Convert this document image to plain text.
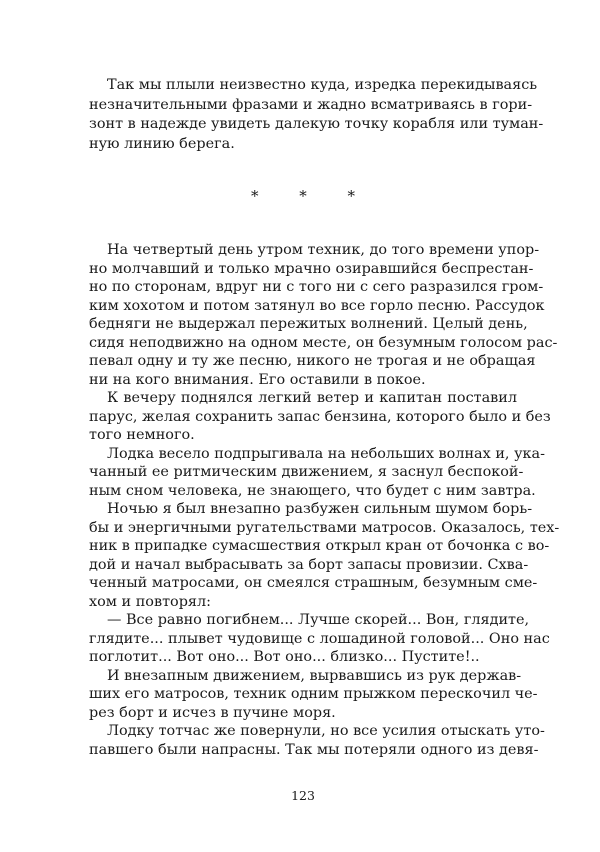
Так мы плыли неизвестно куда, изредка перекидываясь
незначительными фразами и жадно всматриваясь в гори-
зонт в надежде увидеть далекую точку корабля или туман-
ную линию берега.
* * *
На четвертый день утром техник, до того времени упор-
но молчавший и только мрачно озиравшийся беспрестан-
но по сторонам, вдруг ни с того ни с сего разразился гром-
ким хохотом и потом затянул во все горло песню. Рассудок
бедняги не выдержал пережитых волнений. Целый день,
сидя неподвижно на одном месте, он безумным голосом рас-
певал одну и ту же песню, никого не трогая и не обращая
ни на кого внимания. Его оставили в покое.
К вечеру поднялся легкий ветер и капитан поставил
парус, желая сохранить запас бензина, которого было и без
того немного.
Лодка весело подпрыгивала на небольших волнах и, ука-
чанный ее ритмическим движением, я заснул беспокой-
ным сном человека, не знающего, что будет с ним завтра.
Ночью я был внезапно разбужен сильным шумом борь-
бы и энергичными ругательствами матросов. Оказалось, тех-
ник в припадке сумасшествия открыл кран от бочонка с во-
дой и начал выбрасывать за борт запасы провизии. Схва-
ченный матросами, он смеялся страшным, безумным сме-
хом и повторял:
— Все равно погибнем... Лучше скорей... Вон, глядите,
глядите... плывет чудовище с лошадиной головой... Оно нас
поглотит... Вот оно... Вот оно... близко... Пустите!..
И внезапным движением, вырвавшись из рук держав-
ших его матросов, техник одним прыжком перескочил че-
рез борт и исчез в пучине моря.
Лодку тотчас же повернули, но все усилия отыскать уто-
павшего были напрасны. Так мы потеряли одного из девя-
123
